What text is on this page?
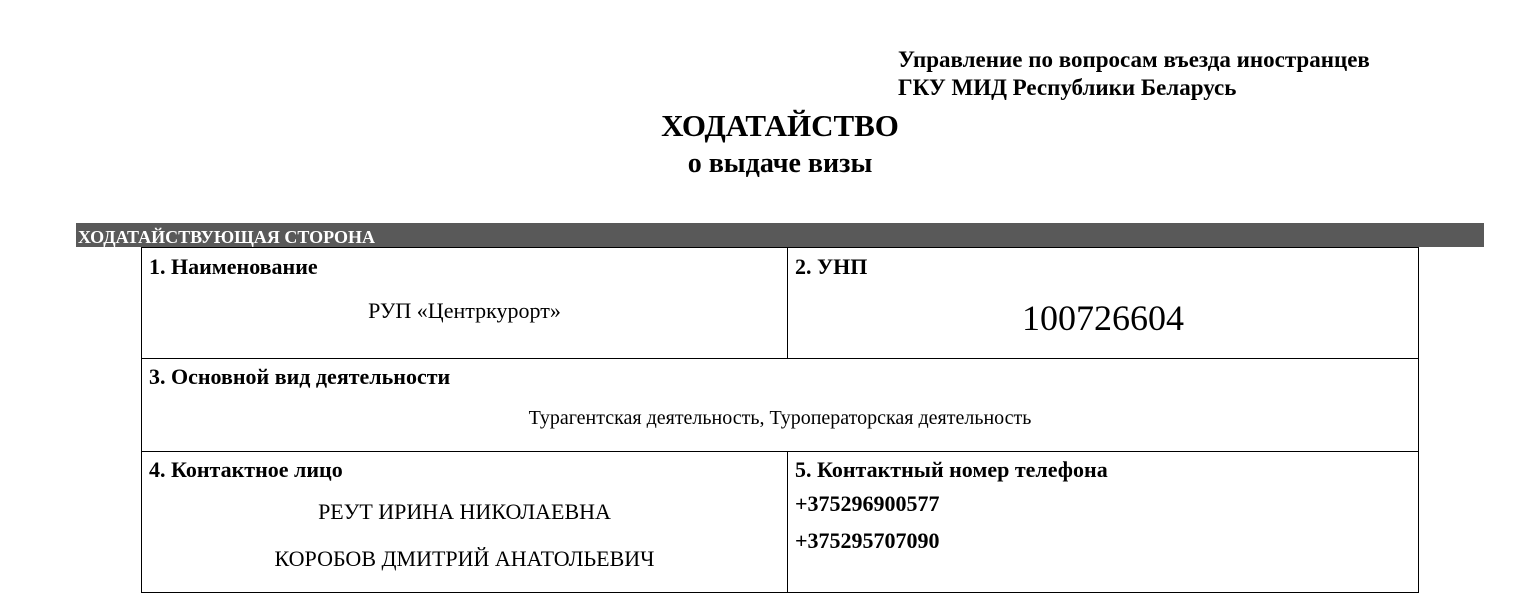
Управление по вопросам въезда иностранцев
ГКУ МИД Республики Беларусь
ХОДАТАЙСТВО
о выдаче визы
ХОДАТАЙСТВУЮЩАЯ СТОРОНА
1. Наименование
РУП «Центркурорт»
2. УНП
100726604
3. Основной вид деятельности
Турагентская деятельность, Туроператорская деятельность
4. Контактное лицо
РЕУТ ИРИНА НИКОЛАЕВНА
КОРОБОВ ДМИТРИЙ АНАТОЛЬЕВИЧ
5. Контактный номер телефона
+375296900577
+375295707090
